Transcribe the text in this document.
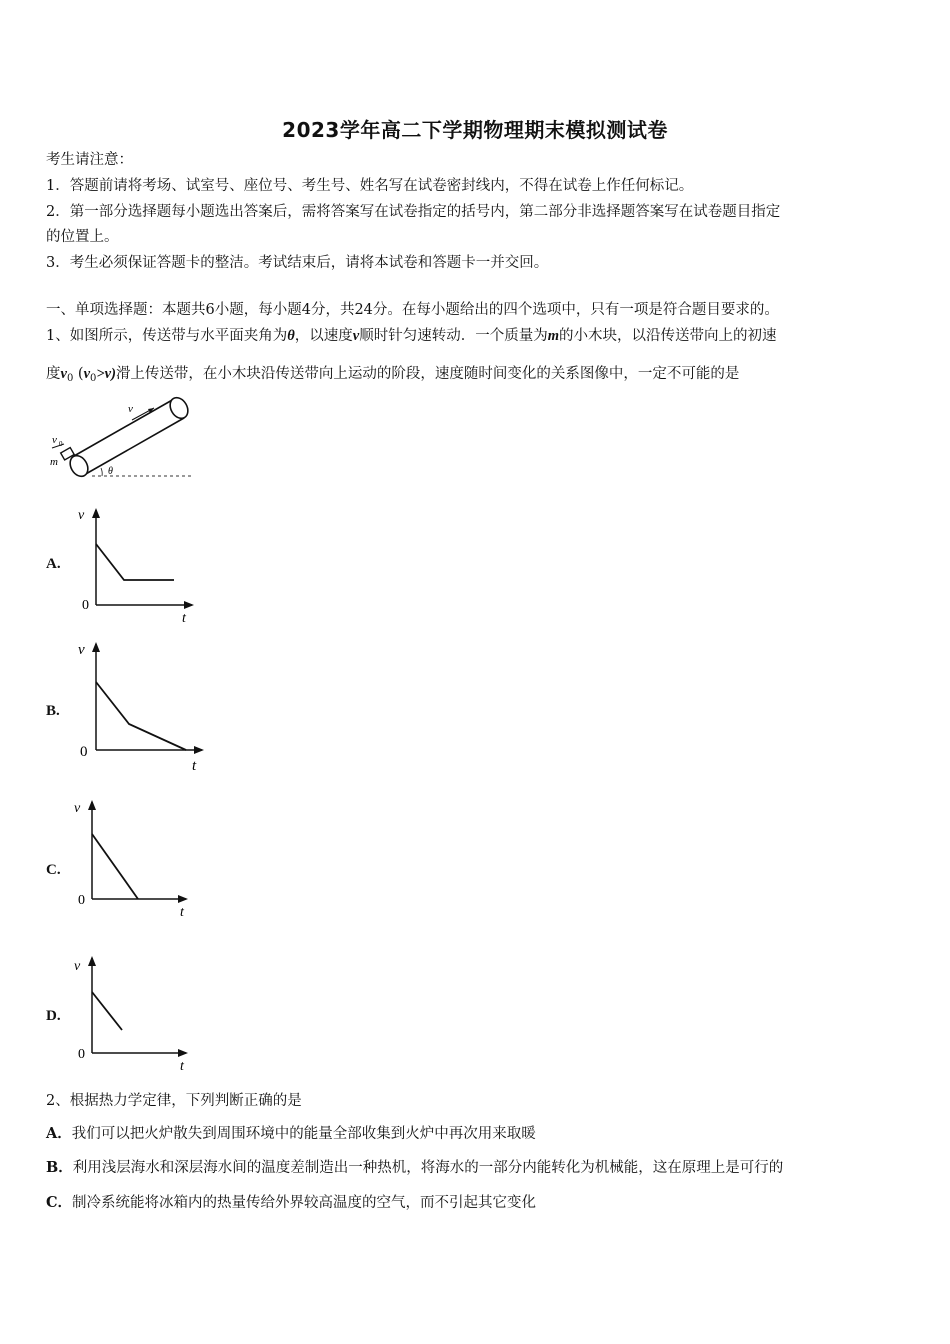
2023学年高二下学期物理期末模拟测试卷
考生请注意：
1．答题前请将考场、试室号、座位号、考生号、姓名写在试卷密封线内，不得在试卷上作任何标记。
2．第一部分选择题每小题选出答案后，需将答案写在试卷指定的括号内，第二部分非选择题答案写在试卷题目指定
的位置上。
3．考生必须保证答题卡的整洁。考试结束后，请将本试卷和答题卡一并交回。
一、单项选择题：本题共6小题，每小题4分，共24分。在每小题给出的四个选项中，只有一项是符合题目要求的。
1、如图所示，传送带与水平面夹角为θ，以速度v顺时针匀速转动．一个质量为m的小木块，以沿传送带向上的初速
度$v_0$ $(v_0>v)$滑上传送带，在小木块沿传送带向上运动的阶段，速度随时间变化的关系图像中，一定不可能的是
v
v 0
m
θ
A.
v
t
0
B.
v
t
0
C.
v
t
0
D.
v
t
0
2、根据热力学定律，下列判断正确的是
A．我们可以把火炉散失到周围环境中的能量全部收集到火炉中再次用来取暖
B．利用浅层海水和深层海水间的温度差制造出一种热机，将海水的一部分内能转化为机械能，这在原理上是可行的
C．制冷系统能将冰箱内的热量传给外界较高温度的空气，而不引起其它变化
